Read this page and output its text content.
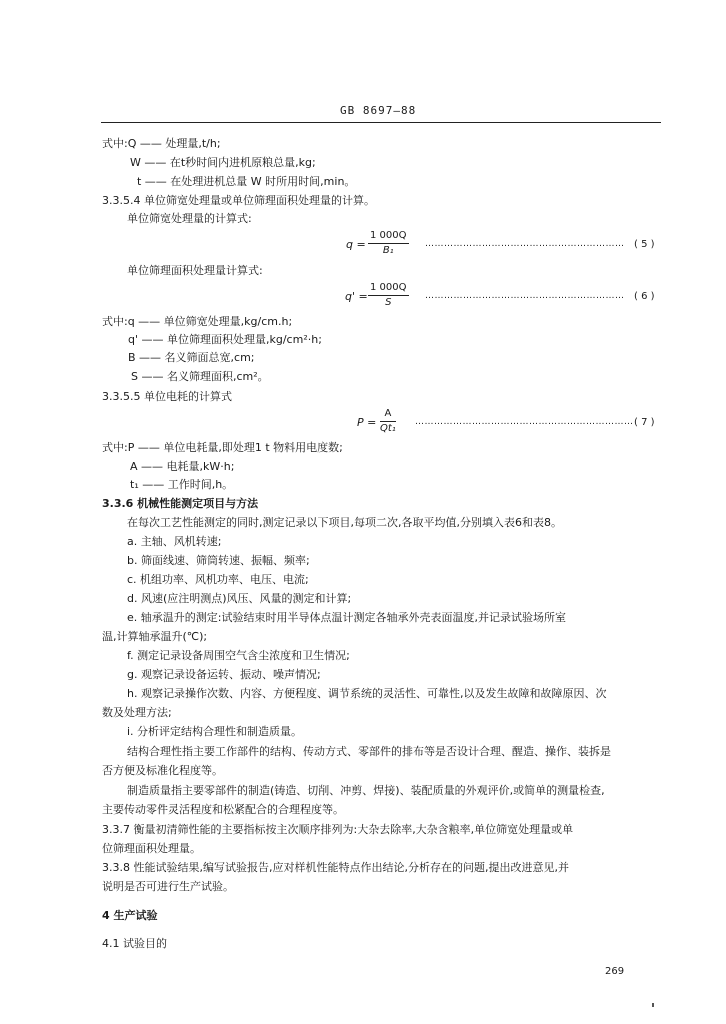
GB 8697—88
式中:Q —— 处理量,t/h;
W —— 在t秒时间内进机原粮总量,kg;
t —— 在处理进机总量 W 时所用时间,min。
3.3.5.4 单位筛宽处理量或单位筛理面积处理量的计算。
单位筛宽处理量的计算式:
q =
1 000Q
B₁
……………………………………………………… ( 5 )
单位筛理面积处理量计算式:
q' =
1 000Q
S
……………………………………………………… ( 6 )
式中:q —— 单位筛宽处理量,kg/cm.h;
q' —— 单位筛理面积处理量,kg/cm²·h;
B —— 名义筛面总宽,cm;
S —— 名义筛理面积,cm²。
3.3.5.5 单位电耗的计算式
P =
A
Qt₁
…………………………………………………………… ( 7 )
式中:P —— 单位电耗量,即处理1 t 物料用电度数;
A —— 电耗量,kW·h;
t₁ —— 工作时间,h。
3.3.6 机械性能测定项目与方法
在每次工艺性能测定的同时,测定记录以下项目,每项二次,各取平均值,分别填入表6和表8。
a. 主轴、风机转速;
b. 筛面线速、筛筒转速、振幅、频率;
c. 机组功率、风机功率、电压、电流;
d. 风速(应注明测点)风压、风量的测定和计算;
e. 轴承温升的测定:试验结束时用半导体点温计测定各轴承外壳表面温度,并记录试验场所室
温,计算轴承温升(℃);
f. 测定记录设备周围空气含尘浓度和卫生情况;
g. 观察记录设备运转、振动、噪声情况;
h. 观察记录操作次数、内容、方便程度、调节系统的灵活性、可靠性,以及发生故障和故障原因、次
数及处理方法;
i. 分析评定结构合理性和制造质量。
结构合理性指主要工作部件的结构、传动方式、零部件的排布等是否设计合理、醒造、操作、装拆是
否方便及标准化程度等。
制造质量指主要零部件的制造(铸造、切削、冲剪、焊接)、装配质量的外观评价,或简单的测量检查,
主要传动零件灵活程度和松紧配合的合理程度等。
3.3.7 衡量初清筛性能的主要指标按主次顺序排列为:大杂去除率,大杂含粮率,单位筛宽处理量或单
位筛理面积处理量。
3.3.8 性能试验结果,编写试验报告,应对样机性能特点作出结论,分析存在的问题,提出改进意见,并
说明是否可进行生产试验。
4 生产试验
4.1 试验目的
269
